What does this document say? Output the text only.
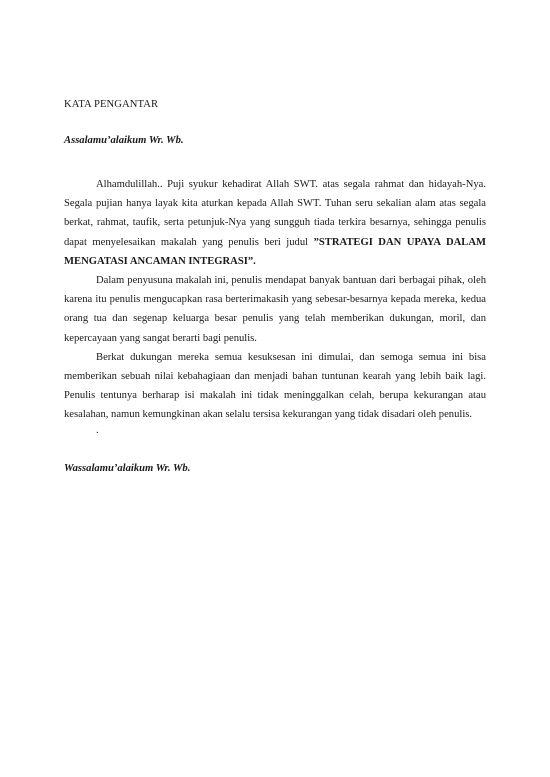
KATA PENGANTAR

Assalamu’alaikum Wr. Wb.

Alhamdulillah.. Puji syukur kehadirat Allah SWT. atas segala rahmat dan hidayah-Nya. Segala pujian hanya layak kita aturkan kepada Allah SWT. Tuhan seru sekalian alam atas segala berkat, rahmat, taufik, serta petunjuk-Nya yang sungguh tiada terkira besarnya, sehingga penulis dapat menyelesaikan makalah yang penulis beri judul ”STRATEGI DAN UPAYA DALAM MENGATASI ANCAMAN INTEGRASI”.

Dalam penyusuna makalah ini, penulis mendapat banyak bantuan dari berbagai pihak, oleh karena itu penulis mengucapkan rasa berterimakasih yang sebesar-besarnya kepada mereka, kedua orang tua dan segenap keluarga besar penulis yang telah memberikan dukungan, moril, dan kepercayaan yang sangat berarti bagi penulis.

Berkat dukungan mereka semua kesuksesan ini dimulai, dan semoga semua ini bisa memberikan sebuah nilai kebahagiaan dan menjadi bahan tuntunan kearah yang lebih baik lagi. Penulis tentunya berharap isi makalah ini tidak meninggalkan celah, berupa kekurangan atau kesalahan, namun kemungkinan akan selalu tersisa kekurangan yang tidak disadari oleh penulis.

.

Wassalamu’alaikum Wr. Wb.
